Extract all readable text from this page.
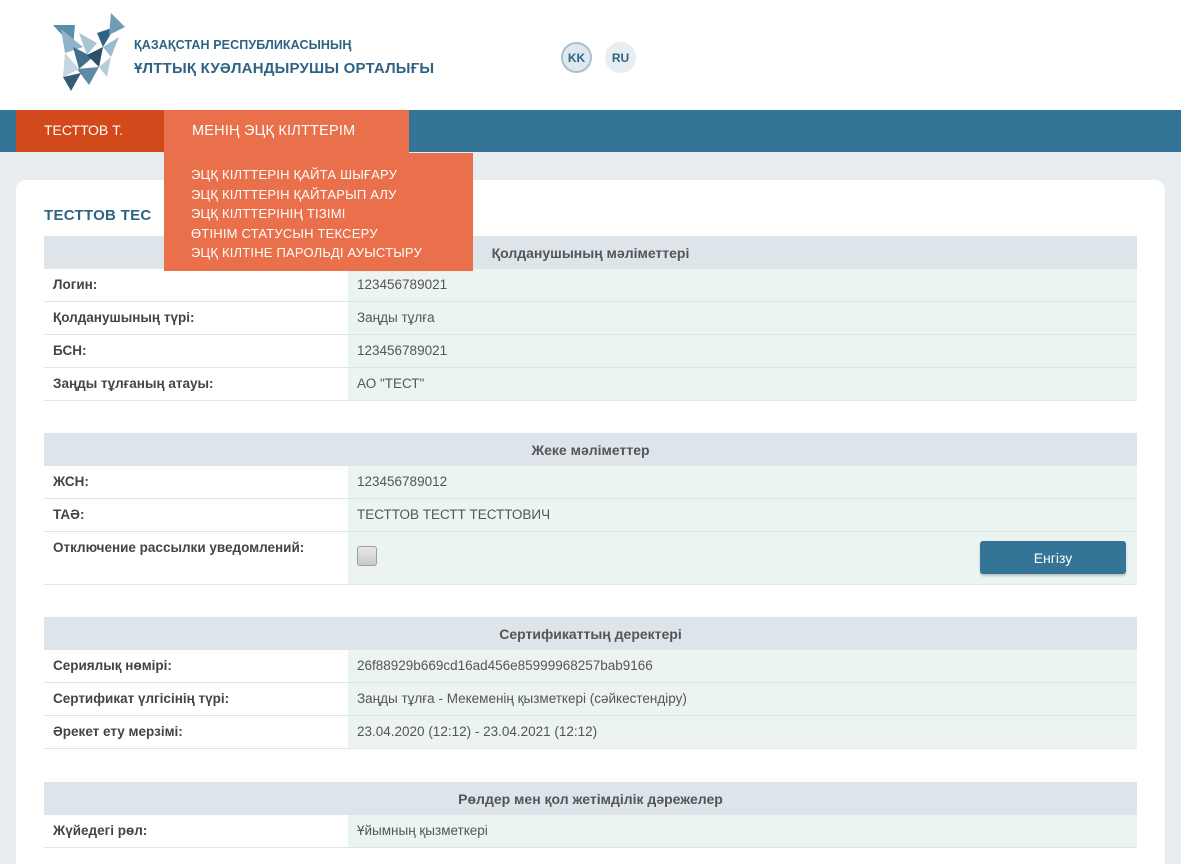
ҚАЗАҚСТАН РЕСПУБЛИКАСЫНЫҢ
ҰЛТТЫҚ КУӘЛАНДЫРУШЫ ОРТАЛЫҒЫ
KK	RU
ТЕСТТОВ Т.	МЕНІҢ ЭЦҚ КІЛТТЕРІМ
ТЕСТТОВ ТЕС
ЭЦҚ КІЛТТЕРІН ҚАЙТА ШЫҒАРУ
ЭЦҚ КІЛТТЕРІН ҚАЙТАРЫП АЛУ
ЭЦҚ КІЛТТЕРІНІҢ ТІЗІМІ
ӨТІНІМ СТАТУСЫН ТЕКСЕРУ
ЭЦҚ КІЛТІНЕ ПАРОЛЬДІ АУЫСТЫРУ	Қолданушының мәліметтері
Логин:	123456789021
Қолданушының түрі:	Заңды тұлға
БСН:	123456789021
Заңды тұлғаның атауы:	АО "ТЕСТ"
Жеке мәліметтер
ЖСН:	123456789012
ТАӘ:	ТЕСТТОВ ТЕСТТ ТЕСТТОВИЧ
Отключение рассылки уведомлений:
Енгізу
Сертификаттың деректері
Сериялық нөмірі:	26f88929b669cd16ad456e85999968257bab9166
Сертификат үлгісінің түрі:	Заңды тұлға - Мекеменің қызметкері (сәйкестендіру)
Әрекет ету мерзімі:	23.04.2020 (12:12) - 23.04.2021 (12:12)
Рөлдер мен қол жетімділік дәрежелер
Жүйедегі рөл:	Ұйымның қызметкері
